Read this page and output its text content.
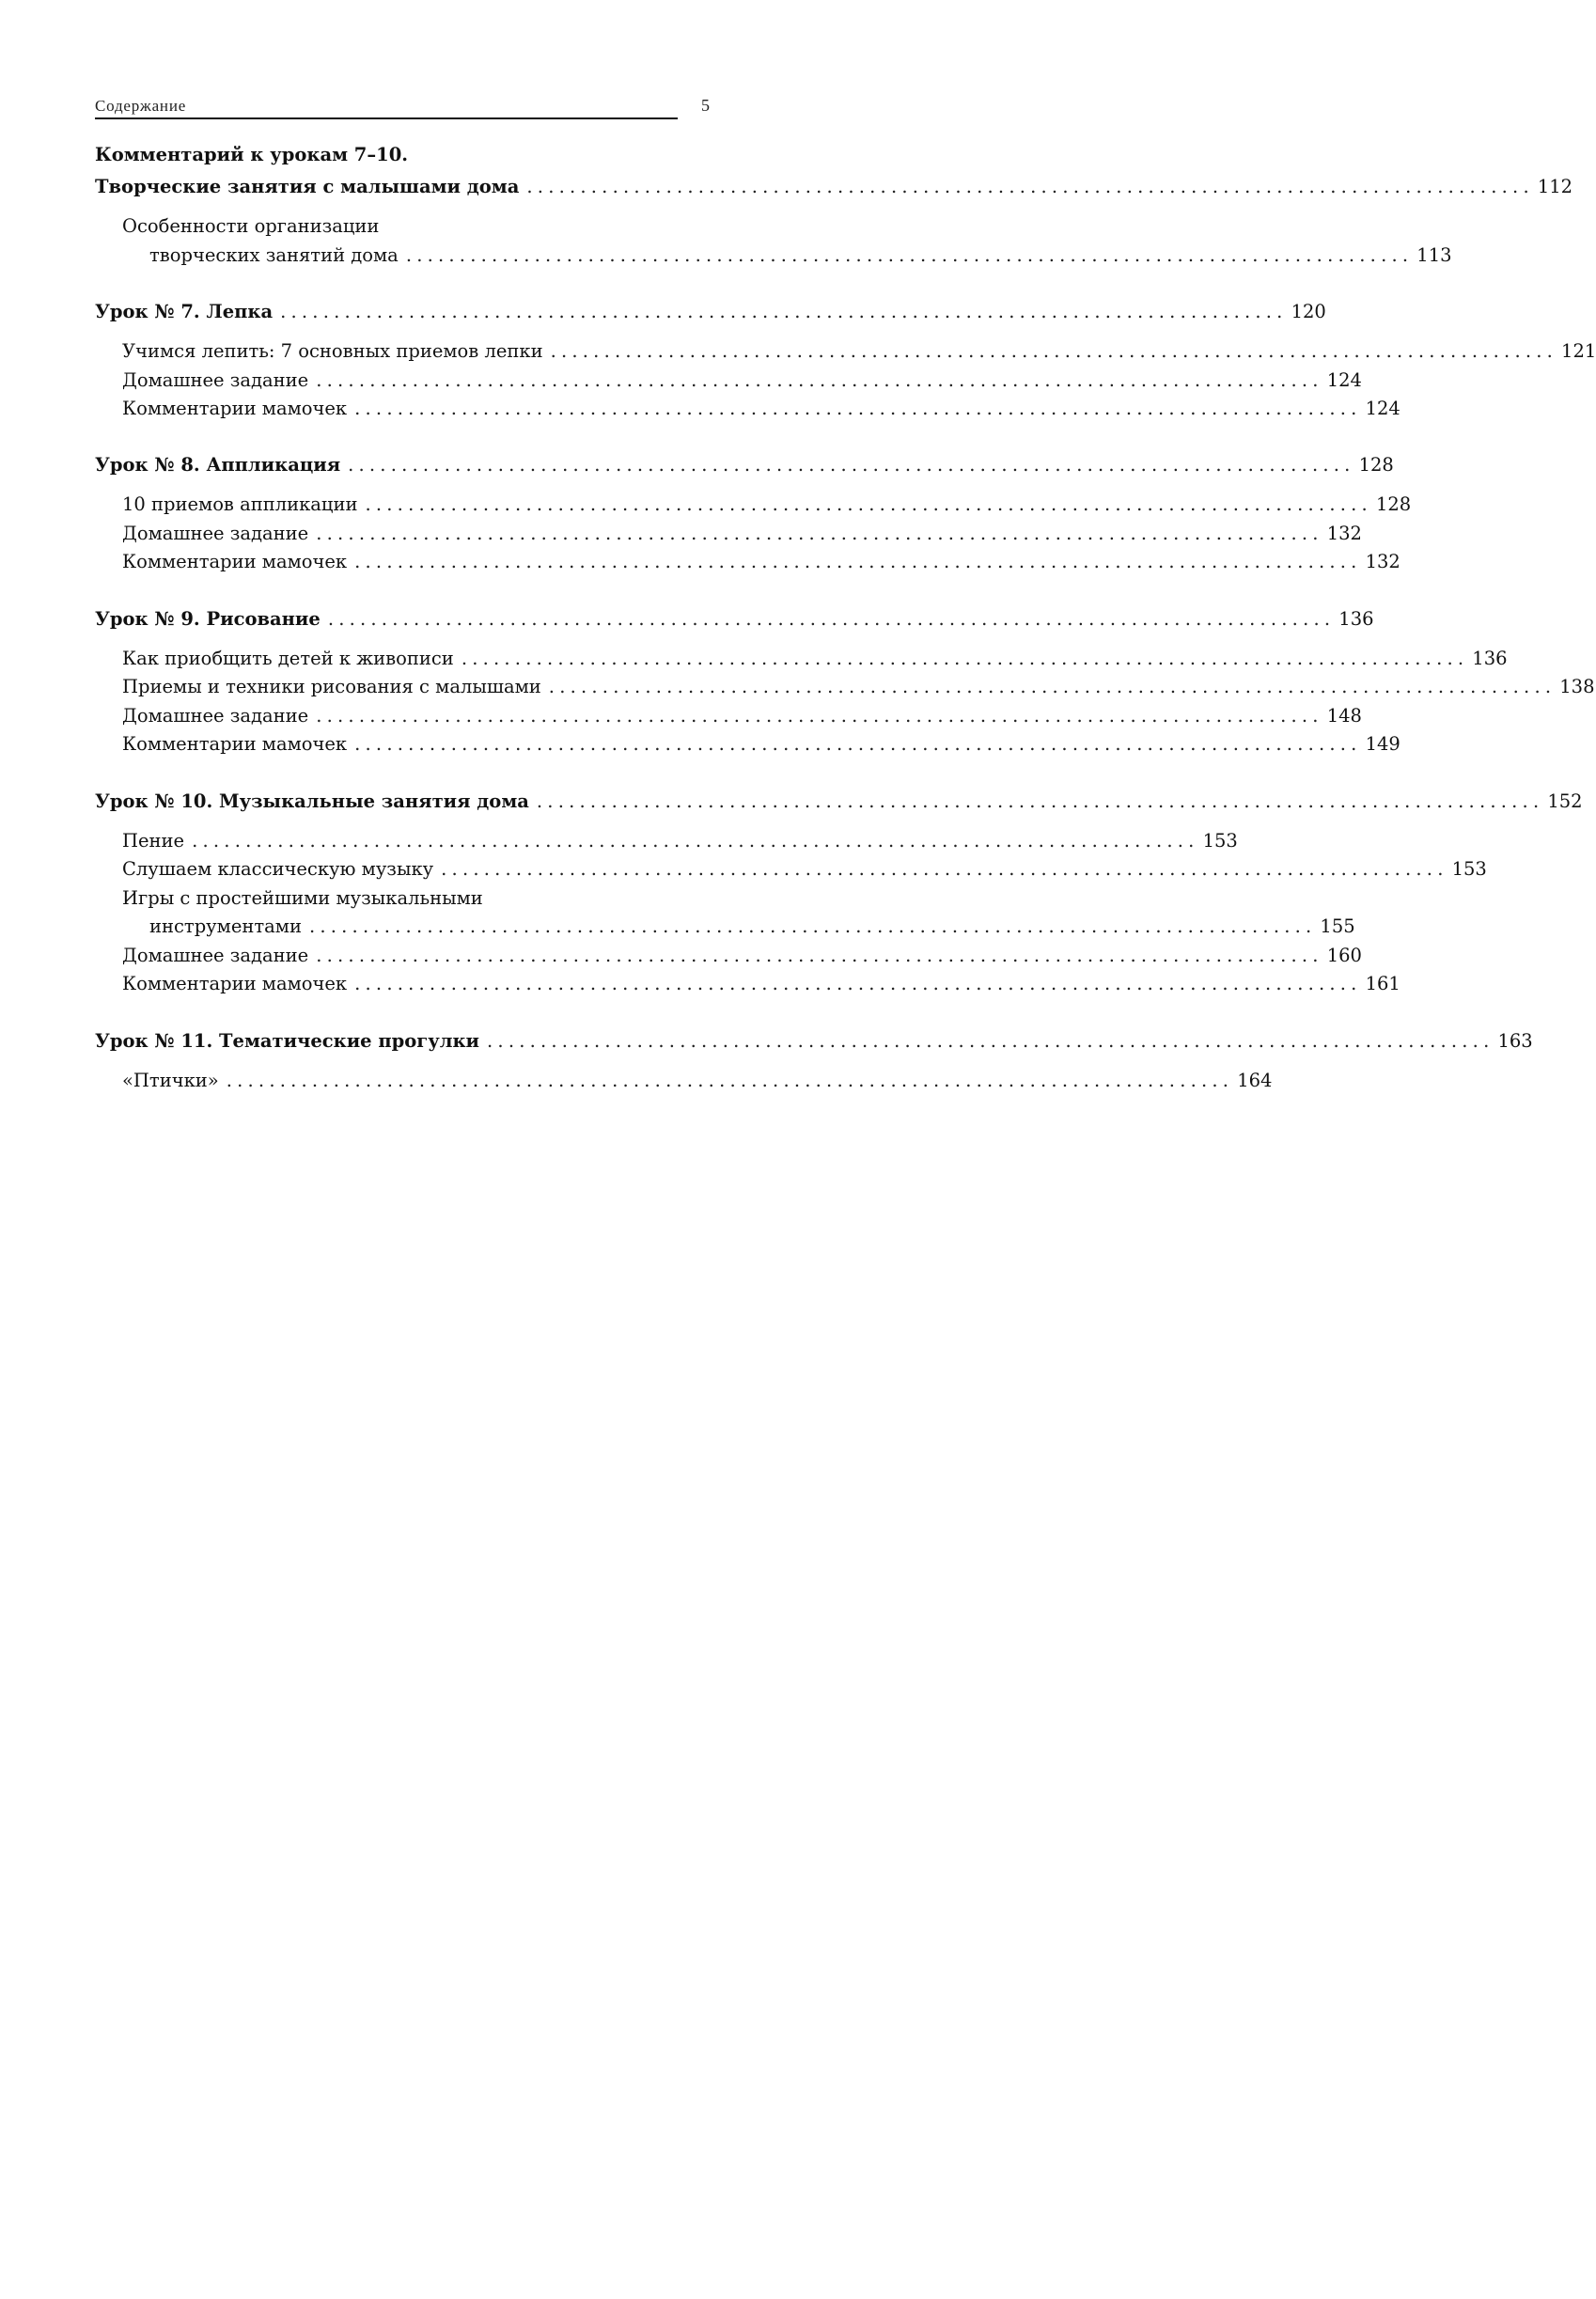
Содержание	5
Комментарий к урокам 7–10.
Творческие занятия с малышами дома .............................................................................................. 112
Особенности организации
творческих занятий дома .............................................................................................. 113
Урок № 7. Лепка .............................................................................................. 120
Учимся лепить: 7 основных приемов лепки .............................................................................................. 121
Домашнее задание .............................................................................................. 124
Комментарии мамочек .............................................................................................. 124
Урок № 8. Аппликация .............................................................................................. 128
10 приемов аппликации .............................................................................................. 128
Домашнее задание .............................................................................................. 132
Комментарии мамочек .............................................................................................. 132
Урок № 9. Рисование .............................................................................................. 136
Как приобщить детей к живописи .............................................................................................. 136
Приемы и техники рисования с малышами .............................................................................................. 138
Домашнее задание .............................................................................................. 148
Комментарии мамочек .............................................................................................. 149
Урок № 10. Музыкальные занятия дома .............................................................................................. 152
Пение .............................................................................................. 153
Слушаем классическую музыку .............................................................................................. 153
Игры с простейшими музыкальными
инструментами .............................................................................................. 155
Домашнее задание .............................................................................................. 160
Комментарии мамочек .............................................................................................. 161
Урок № 11. Тематические прогулки .............................................................................................. 163
«Птички» .............................................................................................. 164
